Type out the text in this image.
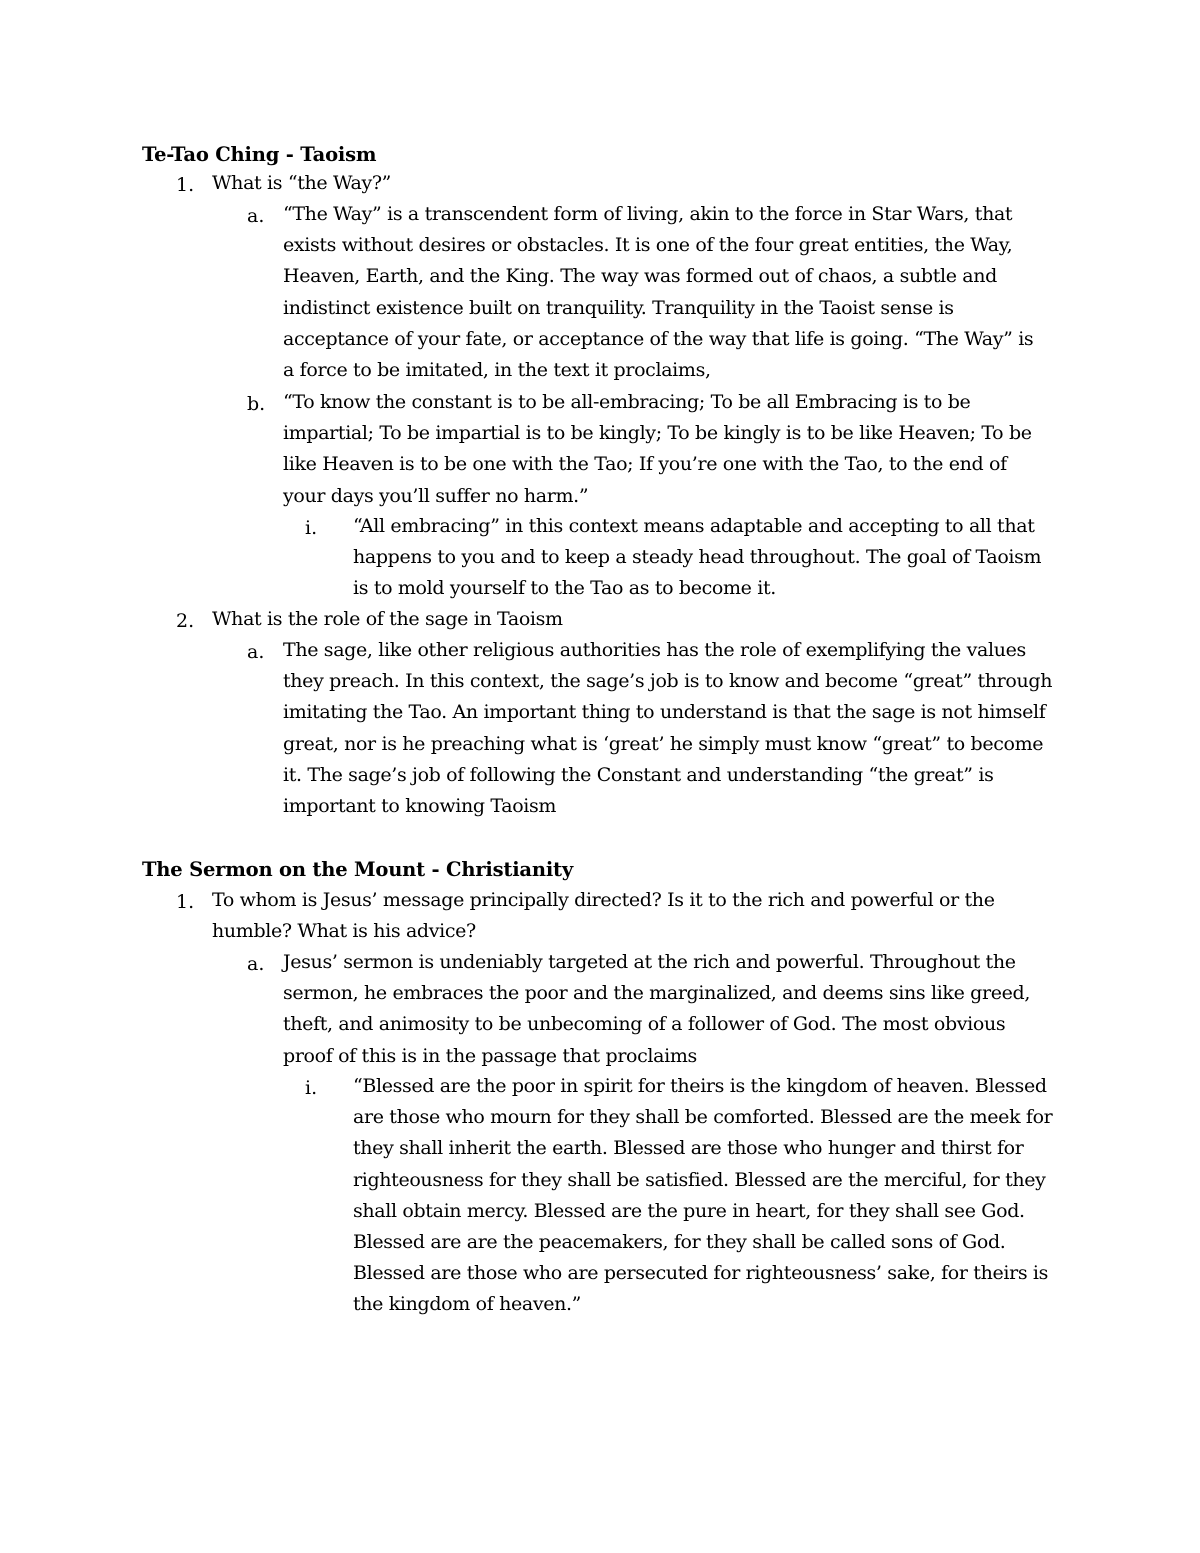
Te-Tao Ching - Taoism
1. What is “the Way?”
a. “The Way” is a transcendent form of living, akin to the force in Star Wars, that
exists without desires or obstacles. It is one of the four great entities, the Way,
Heaven, Earth, and the King. The way was formed out of chaos, a subtle and
indistinct existence built on tranquility. Tranquility in the Taoist sense is
acceptance of your fate, or acceptance of the way that life is going. “The Way” is
a force to be imitated, in the text it proclaims,
b. “To know the constant is to be all-embracing; To be all Embracing is to be
impartial; To be impartial is to be kingly; To be kingly is to be like Heaven; To be
like Heaven is to be one with the Tao; If you’re one with the Tao, to the end of
your days you’ll suffer no harm.”
i. “All embracing” in this context means adaptable and accepting to all that
happens to you and to keep a steady head throughout. The goal of Taoism
is to mold yourself to the Tao as to become it.
2. What is the role of the sage in Taoism
a. The sage, like other religious authorities has the role of exemplifying the values
they preach. In this context, the sage’s job is to know and become “great” through
imitating the Tao. An important thing to understand is that the sage is not himself
great, nor is he preaching what is ‘great’ he simply must know “great” to become
it. The sage’s job of following the Constant and understanding “the great” is
important to knowing Taoism
The Sermon on the Mount - Christianity
1. To whom is Jesus’ message principally directed? Is it to the rich and powerful or the
humble? What is his advice?
a. Jesus’ sermon is undeniably targeted at the rich and powerful. Throughout the
sermon, he embraces the poor and the marginalized, and deems sins like greed,
theft, and animosity to be unbecoming of a follower of God. The most obvious
proof of this is in the passage that proclaims
i. “Blessed are the poor in spirit for theirs is the kingdom of heaven. Blessed
are those who mourn for they shall be comforted. Blessed are the meek for
they shall inherit the earth. Blessed are those who hunger and thirst for
righteousness for they shall be satisfied. Blessed are the merciful, for they
shall obtain mercy. Blessed are the pure in heart, for they shall see God.
Blessed are are the peacemakers, for they shall be called sons of God.
Blessed are those who are persecuted for righteousness’ sake, for theirs is
the kingdom of heaven.”
